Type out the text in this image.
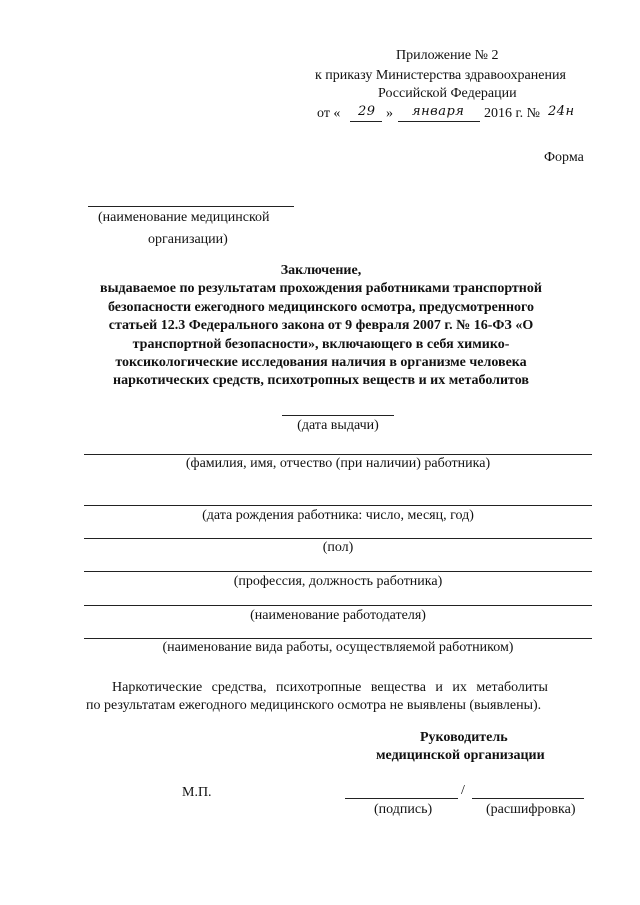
Приложение № 2
к приказу Министерства здравоохранения
Российской Федерации
от « 29 » января 2016 г. № 24н
Форма
(наименование медицинской
организации)
Заключение,
выдаваемое по результатам прохождения работниками транспортной
безопасности ежегодного медицинского осмотра, предусмотренного
статьей 12.3 Федерального закона от 9 февраля 2007 г. № 16-ФЗ «О
транспортной безопасности», включающего в себя химико-
токсикологические исследования наличия в организме человека
наркотических средств, психотропных веществ и их метаболитов
(дата выдачи)
(фамилия, имя, отчество (при наличии) работника)
(дата рождения работника: число, месяц, год)
(пол)
(профессия, должность работника)
(наименование работодателя)
(наименование вида работы, осуществляемой работником)
Наркотические средства, психотропные вещества и их метаболиты
по результатам ежегодного медицинского осмотра не выявлены (выявлены).
Руководитель
медицинской организации
М.П.	/
(подпись)	(расшифровка)
